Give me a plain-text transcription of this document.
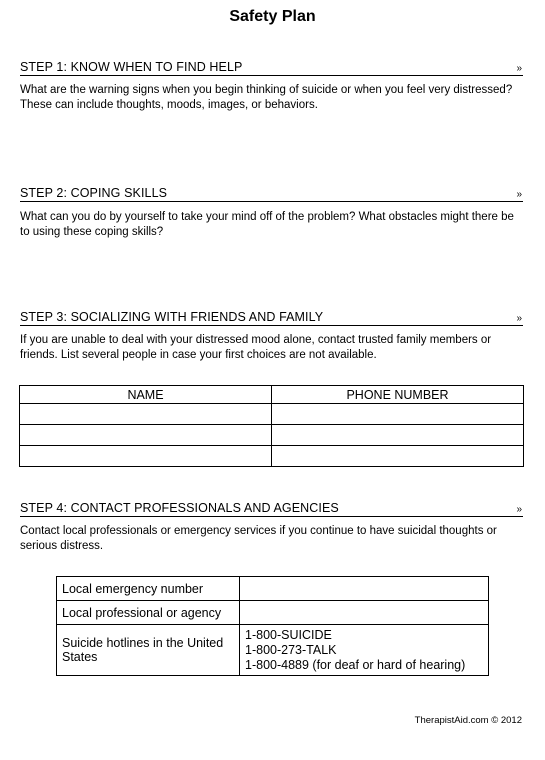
Safety Plan
STEP 1: KNOW WHEN TO FIND HELP	»
What are the warning signs when you begin thinking of suicide or when you feel very distressed? These can include thoughts, moods, images, or behaviors.
STEP 2: COPING SKILLS	»
What can you do by yourself to take your mind off of the problem? What obstacles might there be to using these coping skills?
STEP 3: SOCIALIZING WITH FRIENDS AND FAMILY	»
If you are unable to deal with your distressed mood alone, contact trusted family members or friends. List several people in case your first choices are not available.
NAME	PHONE NUMBER

STEP 4: CONTACT PROFESSIONALS AND AGENCIES	»
Contact local professionals or emergency services if you continue to have suicidal thoughts or serious distress.
Local emergency number	
Local professional or agency	
Suicide hotlines in the United States	1-800-SUICIDE
1-800-273-TALK
1-800-4889 (for deaf or hard of hearing)
TherapistAid.com © 2012
